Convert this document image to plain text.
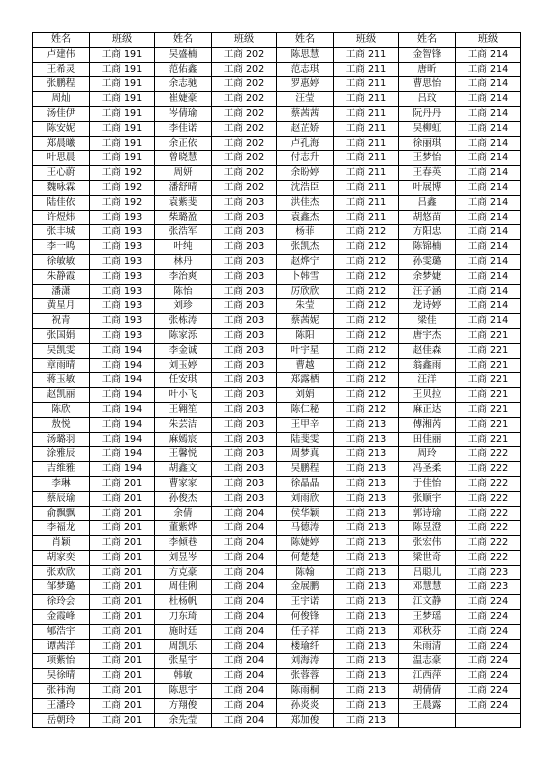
姓名	班级	姓名	班级	姓名	班级	姓名	班级
卢建伟	工商 191	吴盛楠	工商 202	陈思慧	工商 211	金智锋	工商 214
王希灵	工商 191	范佑鑫	工商 202	范志琪	工商 211	唐昕	工商 214
张鹏程	工商 191	余志驰	工商 202	罗惠婷	工商 211	曹思怡	工商 214
周灿	工商 191	崔婕豪	工商 202	汪莹	工商 211	吕玟	工商 214
汤佳伊	工商 191	岑倩瑜	工商 202	蔡茜茜	工商 211	阮丹丹	工商 214
陈安妮	工商 191	李佳诺	工商 202	赵芷娇	工商 211	吴柳虹	工商 214
郑晨曦	工商 191	余正依	工商 202	卢孔海	工商 211	徐丽琪	工商 214
叶思晨	工商 191	曾晓慧	工商 202	付志升	工商 211	王梦怡	工商 214
王心蔚	工商 192	周妍	工商 202	余盼婷	工商 211	王春英	工商 214
魏咏霖	工商 192	潘舒晴	工商 202	沈浩臣	工商 211	叶展博	工商 214
陆佳依	工商 192	袁紫斐	工商 203	洪佳杰	工商 211	吕鑫	工商 214
许煜炜	工商 193	柴璐盈	工商 203	袁鑫杰	工商 211	胡悠苗	工商 214
张丰城	工商 193	张浩军	工商 203	杨菲	工商 212	方阳忠	工商 214
李一鸣	工商 193	叶纯	工商 203	张凯杰	工商 212	陈锦楠	工商 214
徐敏敏	工商 193	林丹	工商 203	赵烨宁	工商 212	孙雯璐	工商 214
朱静霞	工商 193	李治爽	工商 203	卜韩雪	工商 212	余梦婕	工商 214
潘潇	工商 193	陈怡	工商 203	厉欣欣	工商 212	汪子涵	工商 214
黄星月	工商 193	刘珍	工商 203	朱莹	工商 212	龙诗婷	工商 214
祝青	工商 193	张栋涛	工商 203	蔡茜妮	工商 212	梁佳	工商 214
张国娟	工商 193	陈家泺	工商 203	陈阳	工商 212	唐宇杰	工商 221
吴凯雯	工商 194	李金诚	工商 203	叶宇星	工商 212	赵佳森	工商 221
章雨晴	工商 194	刘玉婷	工商 203	曹越	工商 212	翁鑫雨	工商 221
蒋玉敏	工商 194	任安琪	工商 203	郑露栖	工商 212	汪洋	工商 221
赵凯丽	工商 194	叶小飞	工商 203	刘娟	工商 212	王贝拉	工商 221
陈欣	工商 194	王翱笙	工商 203	陈仁秘	工商 212	麻正达	工商 221
敖悦	工商 194	朱芸洁	工商 203	王甲辛	工商 213	傅湘芮	工商 221
汤璐羽	工商 194	麻嫣宸	工商 203	陆斐雯	工商 213	田佳丽	工商 221
涂雅辰	工商 194	王馨悦	工商 203	周梦真	工商 213	周玲	工商 222
吉维雅	工商 194	胡鑫文	工商 203	吴鹏程	工商 213	冯圣柔	工商 222
李琳	工商 201	曹家家	工商 203	徐晶晶	工商 213	于佳怡	工商 222
蔡辰瑜	工商 201	孙俊杰	工商 203	刘雨欣	工商 213	张顺宇	工商 222
俞飘飘	工商 201	余倩	工商 204	侯华颖	工商 213	郭诗瑜	工商 222
李福龙	工商 201	董紫烨	工商 204	马德涛	工商 213	陈昱澄	工商 222
肖颖	工商 201	李倾巷	工商 204	陈婕婷	工商 213	张宏伟	工商 222
胡家奕	工商 201	刘昱岑	工商 204	何楚楚	工商 213	梁世奇	工商 222
张欢欣	工商 201	方克豪	工商 204	陈翰	工商 213	吕聪儿	工商 223
邹梦璐	工商 201	周佳俐	工商 204	金展鹏	工商 213	邓慧慧	工商 223
徐玲会	工商 201	杜杨帆	工商 204	王宇诺	工商 213	江文静	工商 224
金霞峰	工商 201	刀东琦	工商 204	何俊锋	工商 213	王梦瑶	工商 224
郇浩宇	工商 201	施时廷	工商 204	任子祥	工商 213	邓秋芬	工商 224
谭茜洋	工商 201	周凯乐	工商 204	楼瑜纤	工商 213	朱雨清	工商 224
项紫怡	工商 201	张星宇	工商 204	刘海涛	工商 213	温志豪	工商 224
吴徐晴	工商 201	韩敏	工商 204	张蓉蓉	工商 213	江西萍	工商 224
张祎洵	工商 201	陈思宇	工商 204	陈雨桐	工商 213	胡倩倩	工商 224
王潘玲	工商 201	方翔俊	工商 204	孙炎炎	工商 213	王晨露	工商 224
岳朝玲	工商 201	余先莹	工商 204	郑加俊	工商 213		
